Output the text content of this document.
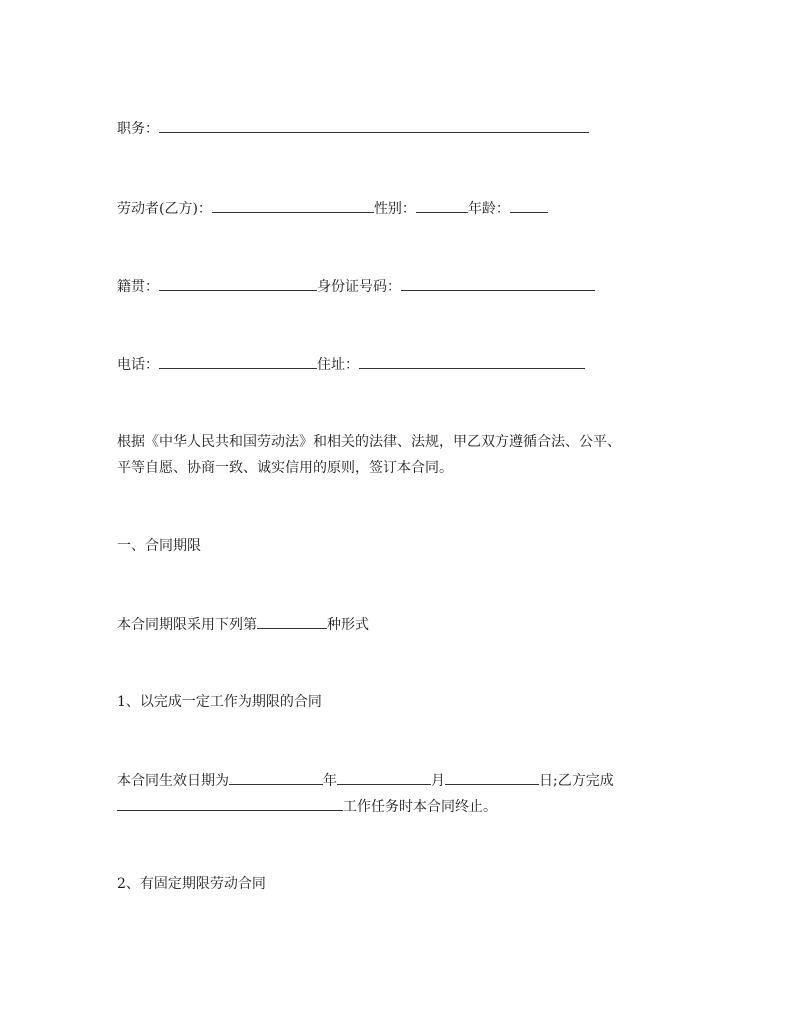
职务：
劳动者(乙方)：	性别：	年龄：
籍贯：	身份证号码：
电话：	住址：
根据《中华人民共和国劳动法》和相关的法律、法规，甲乙双方遵循合法、公平、
平等自愿、协商一致、诚实信用的原则，签订本合同。
一、合同期限
本合同期限采用下列第	种形式
1、以完成一定工作为期限的合同
本合同生效日期为	年	月	日;乙方完成
工作任务时本合同终止。
2、有固定期限劳动合同
